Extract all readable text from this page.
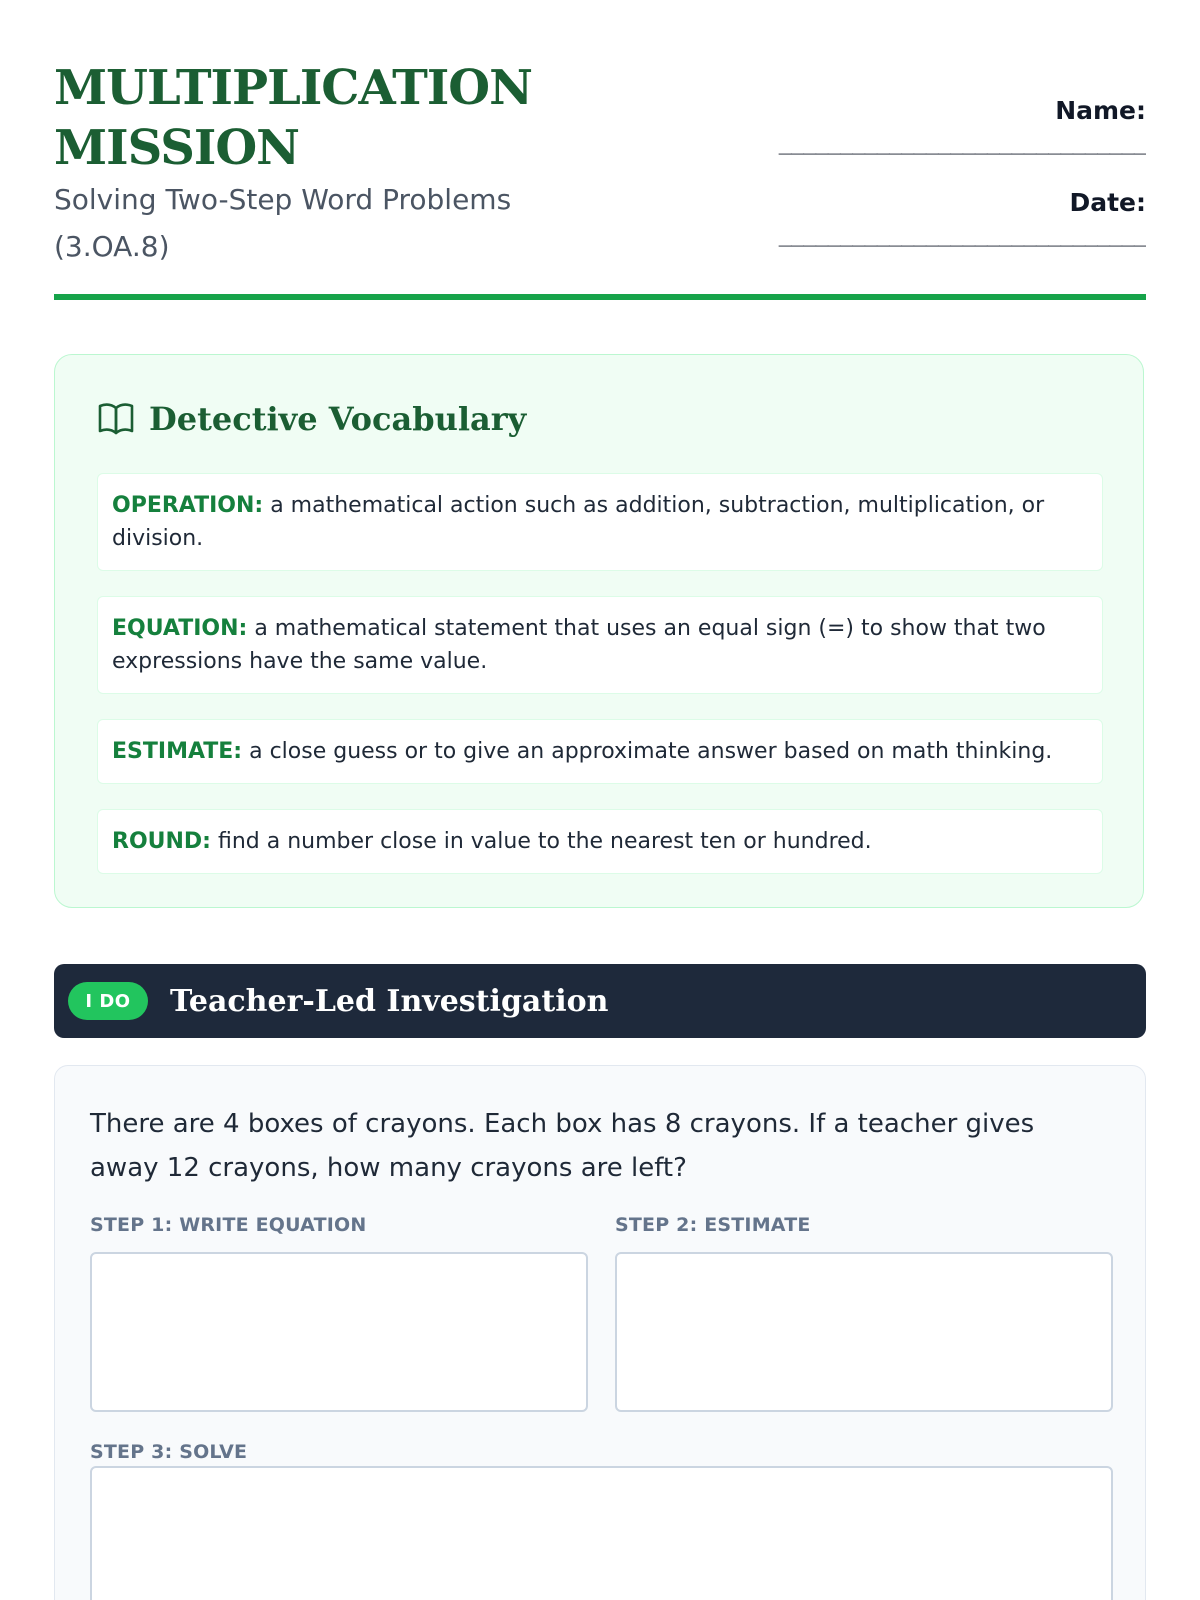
MULTIPLICATION
MISSION

Solving Two-Step Word Problems
(3.OA.8)

Name:
______________________________
Date:
______________________________
Detective Vocabulary
OPERATION: a mathematical action such as addition, subtraction, multiplication, or division.
EQUATION: a mathematical statement that uses an equal sign (=) to show that two expressions have the same value.
ESTIMATE: a close guess or to give an approximate answer based on math thinking.
ROUND: find a number close in value to the nearest ten or hundred.
I DO	Teacher-Led Investigation

There are 4 boxes of crayons. Each box has 8 crayons. If a teacher gives away 12 crayons, how many crayons are left?

STEP 1: WRITE EQUATION	STEP 2: ESTIMATE
STEP 3: SOLVE
